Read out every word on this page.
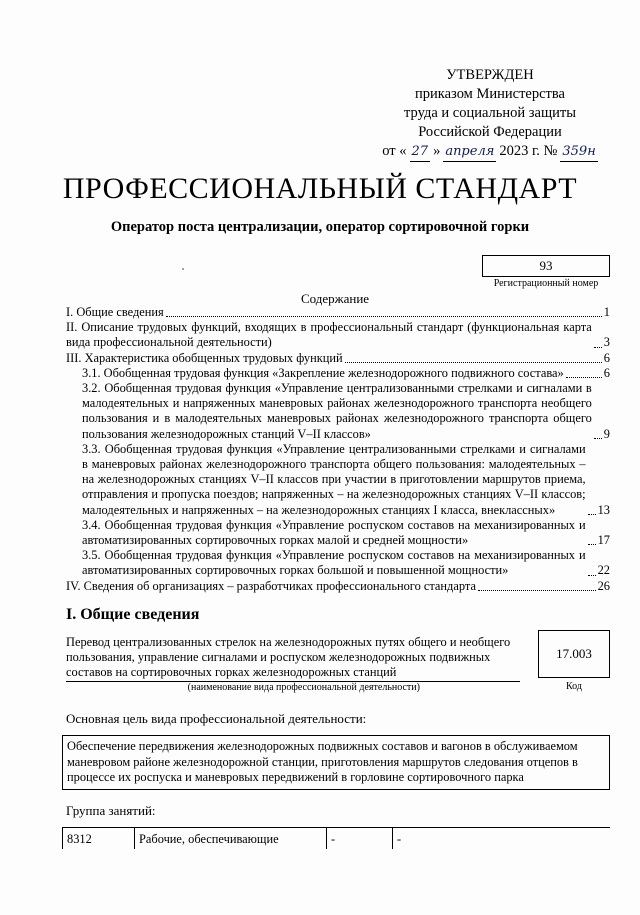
УТВЕРЖДЕН
приказом Министерства
труда и социальной защиты
Российской Федерации
от « 27 » апреля 2023 г. № 359н
ПРОФЕССИОНАЛЬНЫЙ СТАНДАРТ
Оператор поста централизации, оператор сортировочной горки
93
Регистрационный номер
Содержание
I. Общие сведения	1
II. Описание трудовых функций, входящих в профессиональный стандарт (функциональная карта вида профессиональной деятельности)	3
III. Характеристика обобщенных трудовых функций	6
3.1. Обобщенная трудовая функция «Закрепление железнодорожного подвижного состава»	6
3.2. Обобщенная трудовая функция «Управление централизованными стрелками и сигналами в малодеятельных и напряженных маневровых районах железнодорожного транспорта необщего пользования и в малодеятельных маневровых районах железнодорожного транспорта общего пользования железнодорожных станций V–II классов»	9
3.3. Обобщенная трудовая функция «Управление централизованными стрелками и сигналами в маневровых районах железнодорожного транспорта общего пользования: малодеятельных – на железнодорожных станциях V–II классов при участии в приготовлении маршрутов приема, отправления и пропуска поездов; напряженных – на железнодорожных станциях V–II классов; малодеятельных и напряженных – на железнодорожных станциях I класса, внеклассных»	13
3.4. Обобщенная трудовая функция «Управление роспуском составов на механизированных и автоматизированных сортировочных горках малой и средней мощности»	17
3.5. Обобщенная трудовая функция «Управление роспуском составов на механизированных и автоматизированных сортировочных горках большой и повышенной мощности»	22
IV. Сведения об организациях – разработчиках профессионального стандарта	26
I. Общие сведения
Перевод централизованных стрелок на железнодорожных путях общего и необщего пользования, управление сигналами и роспуском железнодорожных подвижных составов на сортировочных горках железнодорожных станций
(наименование вида профессиональной деятельности)
17.003
Код
Основная цель вида профессиональной деятельности:
Обеспечение передвижения железнодорожных подвижных составов и вагонов в обслуживаемом маневровом районе железнодорожной станции, приготовления маршрутов следования отцепов в процессе их роспуска и маневровых передвижений в горловине сортировочного парка
Группа занятий:
8312	Рабочие, обеспечивающие	-	-
